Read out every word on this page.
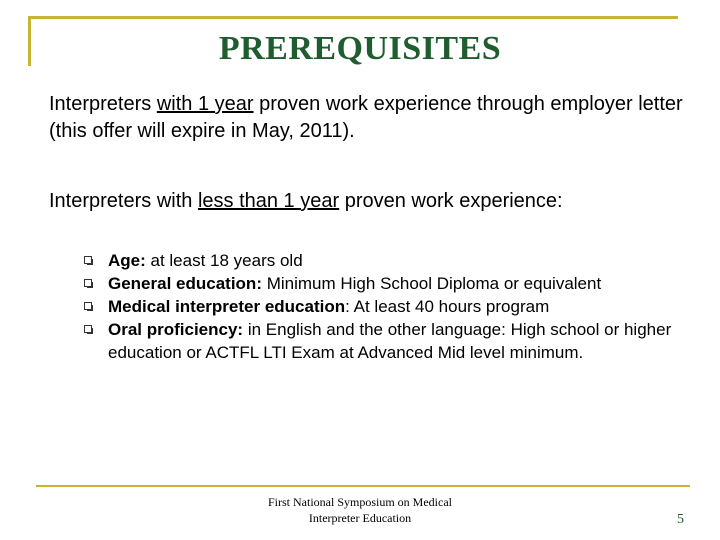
PREREQUISITES
Interpreters with 1 year proven work experience through employer letter (this offer will expire in May, 2011).
Interpreters with less than 1 year proven work experience:
Age: at least 18 years old
General education: Minimum High School Diploma or equivalent
Medical interpreter education: At least 40 hours program
Oral proficiency: in English and the other language: High school or higher education or ACTFL LTI Exam at Advanced Mid level minimum.
First National Symposium on Medical
Interpreter Education	5
